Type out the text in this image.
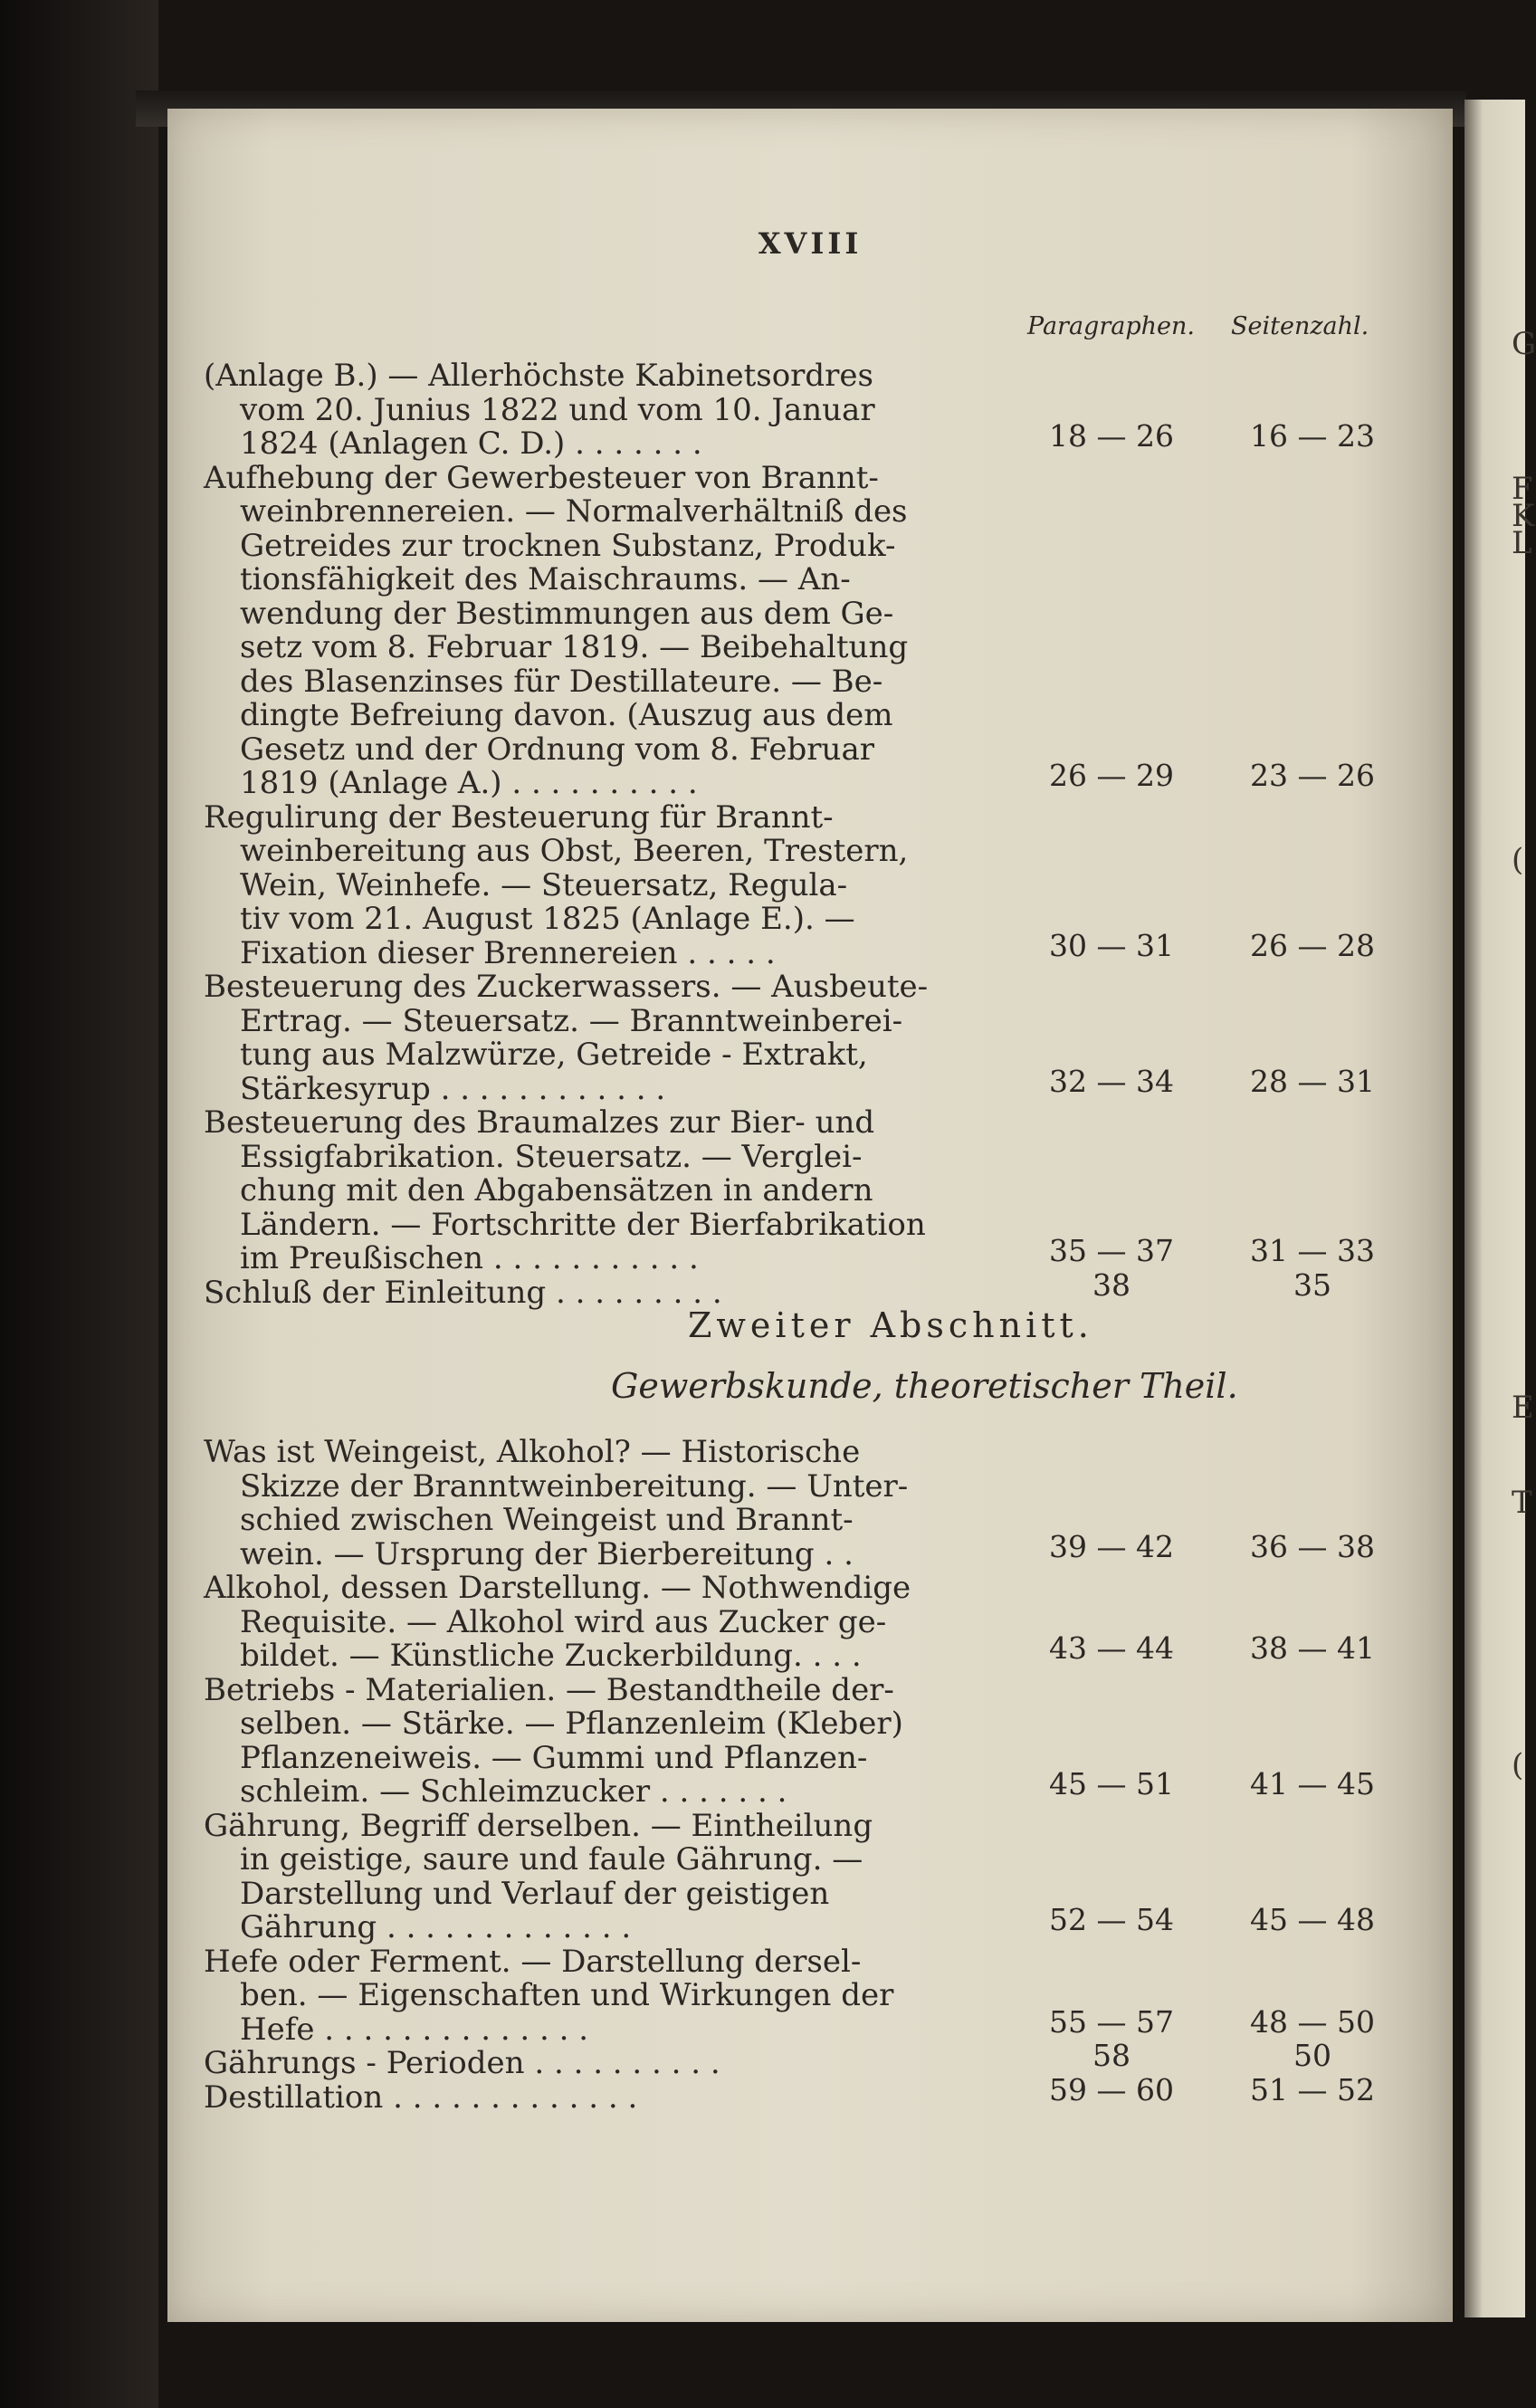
XVIII
Paragraphen. Seitenzahl.
Zweiter Abschnitt.
Gewerbskunde, theoretischer Theil.
(Anlage B.) — Allerhöchste Kabinetsordres
vom 20. Junius 1822 und vom 10. Januar
1824 (Anlagen C. D.) . . . . . . .	18 — 26	16 — 23
Aufhebung der Gewerbesteuer von Brannt-
weinbrennereien. — Normalverhältniß des
Getreides zur trocknen Substanz, Produk-
tionsfähigkeit des Maischraums. — An-
wendung der Bestimmungen aus dem Ge-
setz vom 8. Februar 1819. — Beibehaltung
des Blasenzinses für Destillateure. — Be-
dingte Befreiung davon. (Auszug aus dem
Gesetz und der Ordnung vom 8. Februar
1819 (Anlage A.) . . . . . . . . . .	26 — 29	23 — 26
Regulirung der Besteuerung für Brannt-
weinbereitung aus Obst, Beeren, Trestern,
Wein, Weinhefe. — Steuersatz, Regula-
tiv vom 21. August 1825 (Anlage E.). —
Fixation dieser Brennereien . . . . .	30 — 31	26 — 28
Besteuerung des Zuckerwassers. — Ausbeute-
Ertrag. — Steuersatz. — Branntweinberei-
tung aus Malzwürze, Getreide - Extrakt,
Stärkesyrup . . . . . . . . . . . .	32 — 34	28 — 31
Besteuerung des Braumalzes zur Bier- und
Essigfabrikation. Steuersatz. — Verglei-
chung mit den Abgabensätzen in andern
Ländern. — Fortschritte der Bierfabrikation
im Preußischen . . . . . . . . . . .	35 — 37	31 — 33
Schluß der Einleitung . . . . . . . . .	38	35
Was ist Weingeist, Alkohol? — Historische
Skizze der Branntweinbereitung. — Unter-
schied zwischen Weingeist und Brannt-
wein. — Ursprung der Bierbereitung . .	39 — 42	36 — 38
Alkohol, dessen Darstellung. — Nothwendige
Requisite. — Alkohol wird aus Zucker ge-
bildet. — Künstliche Zuckerbildung. . . .	43 — 44	38 — 41
Betriebs - Materialien. — Bestandtheile der-
selben. — Stärke. — Pflanzenleim (Kleber)
Pflanzeneiweis. — Gummi und Pflanzen-
schleim. — Schleimzucker . . . . . . .	45 — 51	41 — 45
Gährung, Begriff derselben. — Eintheilung
in geistige, saure und faule Gährung. —
Darstellung und Verlauf der geistigen
Gährung . . . . . . . . . . . . .	52 — 54	45 — 48
Hefe oder Ferment. — Darstellung dersel-
ben. — Eigenschaften und Wirkungen der
Hefe . . . . . . . . . . . . . .	55 — 57	48 — 50
Gährungs - Perioden . . . . . . . . . .	58	50
Destillation . . . . . . . . . . . . .	59 — 60	51 — 52
G
F
K
L
(
E
T
(
